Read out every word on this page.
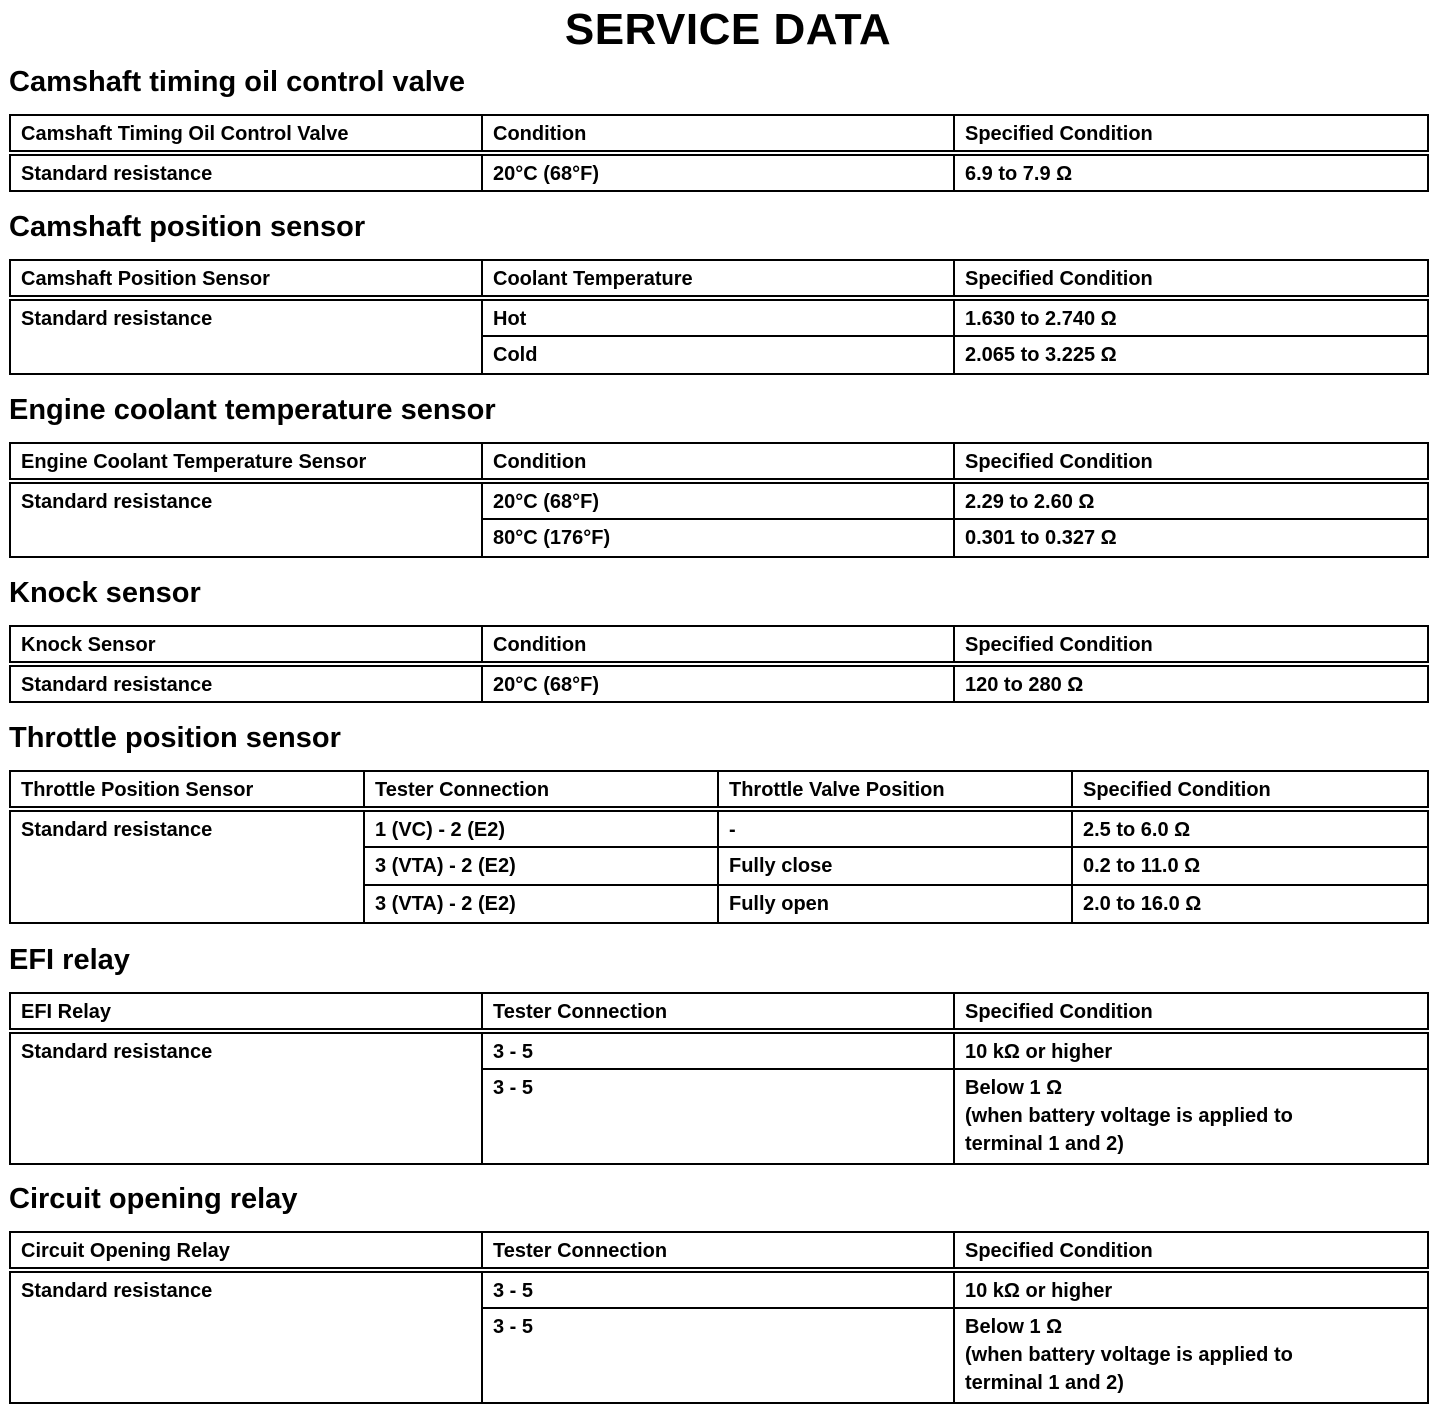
SERVICE DATA
Camshaft timing oil control valve
Camshaft Timing Oil Control Valve	Condition	Specified Condition
Standard resistance	20°C (68°F)	6.9 to 7.9 Ω
Camshaft position sensor
Camshaft Position Sensor	Coolant Temperature	Specified Condition
Standard resistance	Hot	1.630 to 2.740 Ω
	Cold	2.065 to 3.225 Ω
Engine coolant temperature sensor
Engine Coolant Temperature Sensor	Condition	Specified Condition
Standard resistance	20°C (68°F)	2.29 to 2.60 Ω
	80°C (176°F)	0.301 to 0.327 Ω
Knock sensor
Knock Sensor	Condition	Specified Condition
Standard resistance	20°C (68°F)	120 to 280 Ω
Throttle position sensor
Throttle Position Sensor	Tester Connection	Throttle Valve Position	Specified Condition
Standard resistance	1 (VC) - 2 (E2)	-	2.5 to 6.0 Ω
	3 (VTA) - 2 (E2)	Fully close	0.2 to 11.0 Ω
	3 (VTA) - 2 (E2)	Fully open	2.0 to 16.0 Ω
EFI relay
EFI Relay	Tester Connection	Specified Condition
Standard resistance	3 - 5	10 kΩ or higher
	3 - 5	Below 1 Ω
(when battery voltage is applied to
terminal 1 and 2)
Circuit opening relay
Circuit Opening Relay	Tester Connection	Specified Condition
Standard resistance	3 - 5	10 kΩ or higher
	3 - 5	Below 1 Ω
(when battery voltage is applied to
terminal 1 and 2)
